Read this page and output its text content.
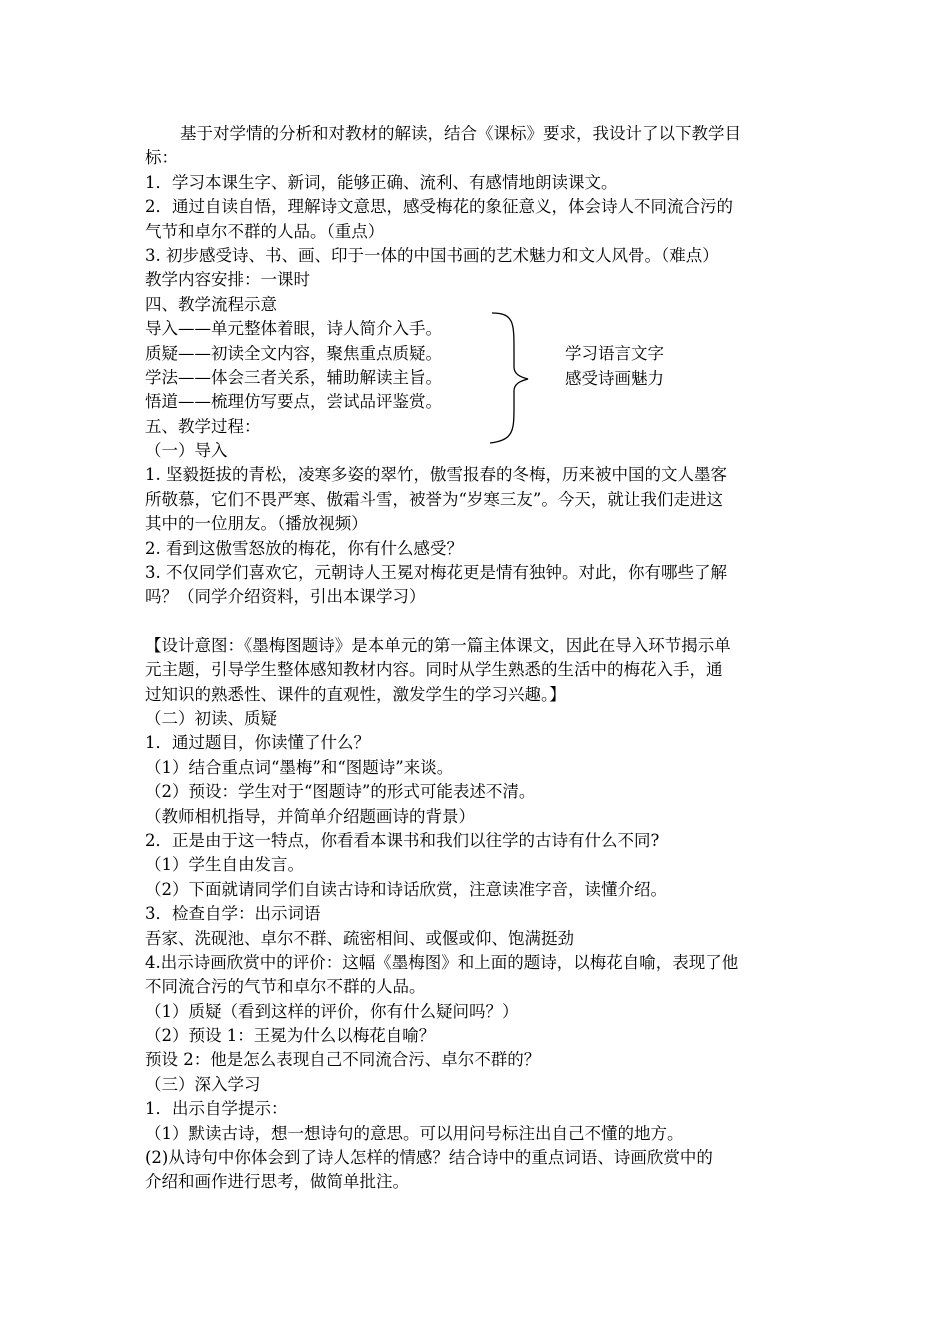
基于对学情的分析和对教材的解读，结合《课标》要求，我设计了以下教学目
标：
1．学习本课生字、新词，能够正确、流利、有感情地朗读课文。
2．通过自读自悟，理解诗文意思，感受梅花的象征意义，体会诗人不同流合污的
气节和卓尔不群的人品。（重点）
3. 初步感受诗、书、画、印于一体的中国书画的艺术魅力和文人风骨。（难点）
教学内容安排：一课时
四、教学流程示意
导入——单元整体着眼，诗人简介入手。
质疑——初读全文内容，聚焦重点质疑。
学法——体会三者关系，辅助解读主旨。
悟道——梳理仿写要点，尝试品评鉴赏。
五、教学过程：
（一）导入
学习语言文字
感受诗画魅力
1. 坚毅挺拔的青松，凌寒多姿的翠竹，傲雪报春的冬梅，历来被中国的文人墨客
所敬慕，它们不畏严寒、傲霜斗雪，被誉为“岁寒三友”。今天，就让我们走进这
其中的一位朋友。（播放视频）
2. 看到这傲雪怒放的梅花，你有什么感受？
3. 不仅同学们喜欢它，元朝诗人王冕对梅花更是情有独钟。对此，你有哪些了解
吗？（同学介绍资料，引出本课学习）
【设计意图：《墨梅图题诗》是本单元的第一篇主体课文，因此在导入环节揭示单
元主题，引导学生整体感知教材内容。同时从学生熟悉的生活中的梅花入手，通
过知识的熟悉性、课件的直观性，激发学生的学习兴趣。】
（二）初读、质疑
1．通过题目，你读懂了什么？
（1）结合重点词“墨梅”和“图题诗”来谈。
（2）预设：学生对于“图题诗”的形式可能表述不清。
（教师相机指导，并简单介绍题画诗的背景）
2．正是由于这一特点，你看看本课书和我们以往学的古诗有什么不同?
（1）学生自由发言。
（2）下面就请同学们自读古诗和诗话欣赏，注意读准字音，读懂介绍。
3．检查自学：出示词语
吾家、洗砚池、卓尔不群、疏密相间、或偃或仰、饱满挺劲
4.出示诗画欣赏中的评价：这幅《墨梅图》和上面的题诗，以梅花自喻，表现了他
不同流合污的气节和卓尔不群的人品。
（1）质疑（看到这样的评价，你有什么疑问吗？）
（2）预设 1：王冕为什么以梅花自喻？
预设 2：他是怎么表现自己不同流合污、卓尔不群的？
（三）深入学习
1．出示自学提示：
（1）默读古诗，想一想诗句的意思。可以用问号标注出自己不懂的地方。
(2)从诗句中你体会到了诗人怎样的情感？结合诗中的重点词语、诗画欣赏中的
介绍和画作进行思考，做简单批注。
